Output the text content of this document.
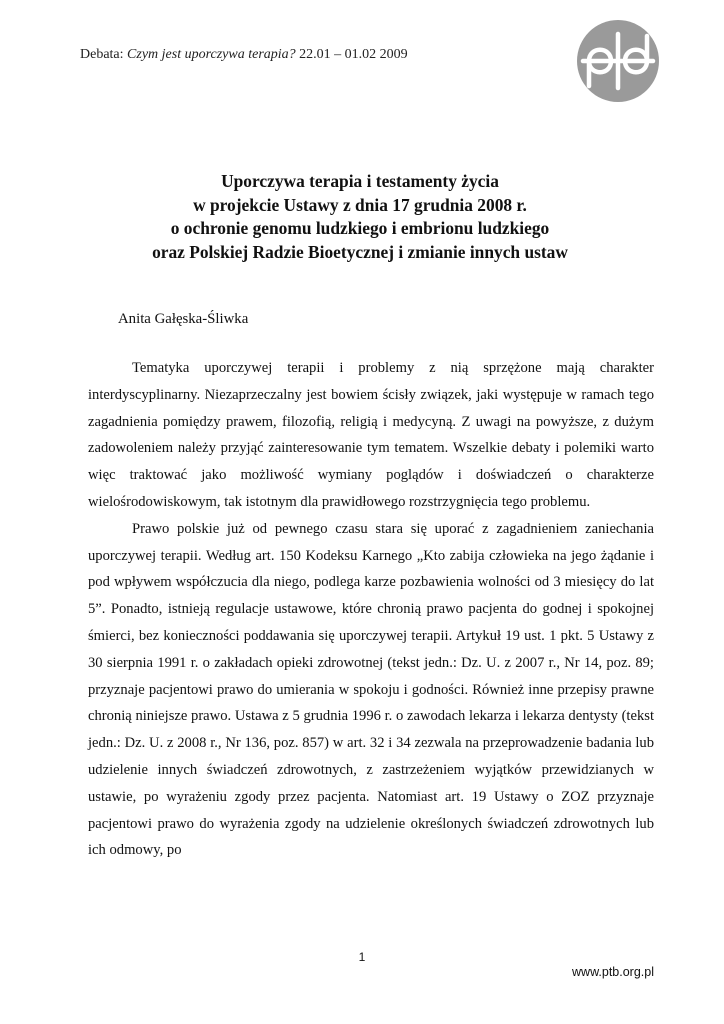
Debata: Czym jest uporczywa terapia? 22.01 – 01.02 2009
Uporczywa terapia i testamenty życia
w projekcie Ustawy z dnia 17 grudnia 2008 r.
o ochronie genomu ludzkiego i embrionu ludzkiego
oraz Polskiej Radzie Bioetycznej i zmianie innych ustaw
Anita Gałęska-Śliwka

Tematyka uporczywej terapii i problemy z nią sprzężone mają charakter interdyscyplinarny. Niezaprzeczalny jest bowiem ścisły związek, jaki występuje w ramach tego zagadnienia pomiędzy prawem, filozofią, religią i medycyną. Z uwagi na powyższe, z dużym zadowoleniem należy przyjąć zainteresowanie tym tematem. Wszelkie debaty i polemiki warto więc traktować jako możliwość wymiany poglądów i doświadczeń o charakterze wielośrodowiskowym, tak istotnym dla prawidłowego rozstrzygnięcia tego problemu.

Prawo polskie już od pewnego czasu stara się uporać z zagadnieniem zaniechania uporczywej terapii. Według art. 150 Kodeksu Karnego „Kto zabija człowieka na jego żądanie i pod wpływem współczucia dla niego, podlega karze pozbawienia wolności od 3 miesięcy do lat 5”. Ponadto, istnieją regulacje ustawowe, które chronią prawo pacjenta do godnej i spokojnej śmierci, bez konieczności poddawania się uporczywej terapii. Artykuł 19 ust. 1 pkt. 5 Ustawy z 30 sierpnia 1991 r. o zakładach opieki zdrowotnej (tekst jedn.: Dz. U. z 2007 r., Nr 14, poz. 89; przyznaje pacjentowi prawo do umierania w spokoju i godności. Również inne przepisy prawne chronią niniejsze prawo. Ustawa z 5 grudnia 1996 r. o zawodach lekarza i lekarza dentysty (tekst jedn.: Dz. U. z 2008 r., Nr 136, poz. 857) w art. 32 i 34 zezwala na przeprowadzenie badania lub udzielenie innych świadczeń zdrowotnych, z zastrzeżeniem wyjątków przewidzianych w ustawie, po wyrażeniu zgody przez pacjenta. Natomiast art. 19 Ustawy o ZOZ przyznaje pacjentowi prawo do wyrażenia zgody na udzielenie określonych świadczeń zdrowotnych lub ich odmowy, po

1
www.ptb.org.pl
